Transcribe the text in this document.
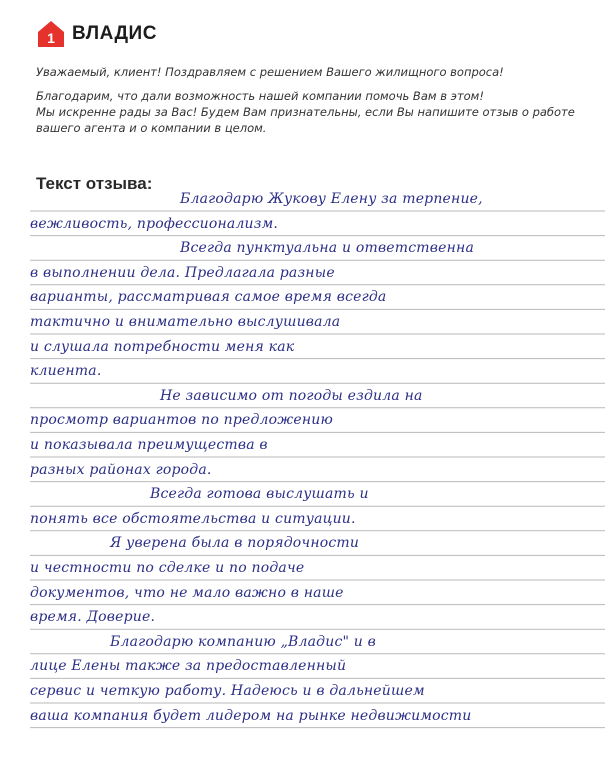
1 ВЛАДИС

Уважаемый, клиент! Поздравляем с решением Вашего жилищного вопроса!

Благодарим, что дали возможность нашей компании помочь Вам в этом!

Мы искренне рады за Вас! Будем Вам признательны, если Вы напишите отзыв о работе

вашего агента и о компании в целом.

Текст отзыва:
Благодарю Жукову Елену за терпение,
вежливость, профессионализм.
Всегда пунктуальна и ответственна
в выполнении дела. Предлагала разные
варианты, рассматривая самое время всегда
тактично и внимательно выслушивала
и слушала потребности меня как
клиента.
Не зависимо от погоды ездила на
просмотр вариантов по предложению
и показывала преимущества в
разных районах города.
Всегда готова выслушать и
понять все обстоятельства и ситуации.
Я уверена была в порядочности
и честности по сделке и по подаче
документов, что не мало важно в наше
время. Доверие.
Благодарю компанию „Владис" и в
лице Елены также за предоставленный
сервис и четкую работу. Надеюсь и в дальнейшем
ваша компания будет лидером на рынке недвижимости
